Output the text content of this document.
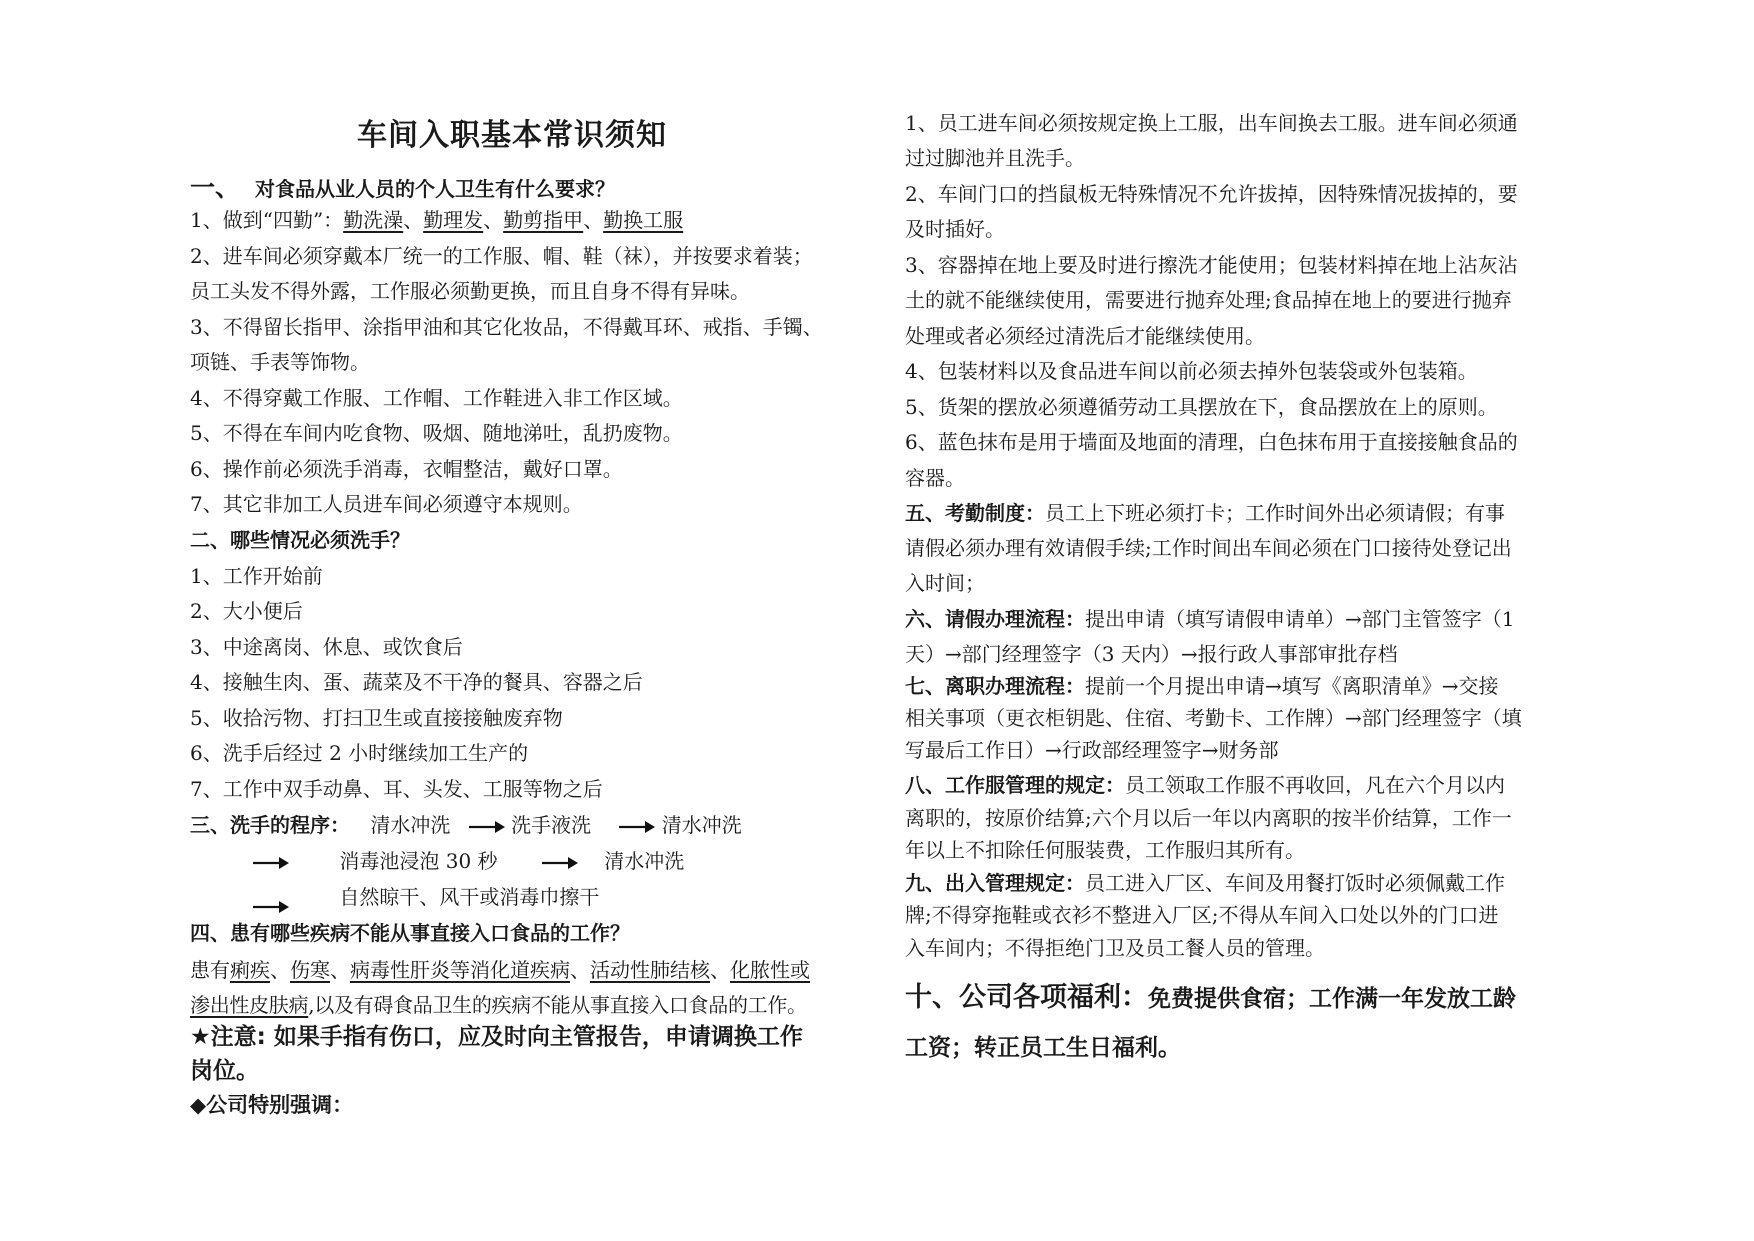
车间入职基本常识须知
一、 对食品从业人员的个人卫生有什么要求？
1、做到“四勤”：勤洗澡、勤理发、勤剪指甲、勤换工服
2、进车间必须穿戴本厂统一的工作服、帽、鞋（袜），并按要求着装；
员工头发不得外露，工作服必须勤更换，而且自身不得有异味。
3、不得留长指甲、涂指甲油和其它化妆品，不得戴耳环、戒指、手镯、
项链、手表等饰物。
4、不得穿戴工作服、工作帽、工作鞋进入非工作区域。
5、不得在车间内吃食物、吸烟、随地涕吐，乱扔废物。
6、操作前必须洗手消毒，衣帽整洁，戴好口罩。
7、其它非加工人员进车间必须遵守本规则。
二、哪些情况必须洗手？
1、工作开始前
2、大小便后
3、中途离岗、休息、或饮食后
4、接触生肉、蛋、蔬菜及不干净的餐具、容器之后
5、收拾污物、打扫卫生或直接接触废弃物
6、洗手后经过 2 小时继续加工生产的
7、工作中双手动鼻、耳、头发、工服等物之后
三、洗手的程序： 清水冲洗	洗手液洗	清水冲洗
消毒池浸泡 30 秒	清水冲洗
自然晾干、风干或消毒巾擦干
四、患有哪些疾病不能从事直接入口食品的工作？
患有痢疾、伤寒、病毒性肝炎等消化道疾病、活动性肺结核、化脓性或
渗出性皮肤病,以及有碍食品卫生的疾病不能从事直接入口食品的工作。
★注意: 如果手指有伤口，应及时向主管报告，申请调换工作
岗位。
◆公司特别强调：
1、员工进车间必须按规定换上工服，出车间换去工服。进车间必须通
过过脚池并且洗手。
2、车间门口的挡鼠板无特殊情况不允许拔掉，因特殊情况拔掉的，要
及时插好。
3、容器掉在地上要及时进行擦洗才能使用；包装材料掉在地上沾灰沾
土的就不能继续使用，需要进行抛弃处理;食品掉在地上的要进行抛弃
处理或者必须经过清洗后才能继续使用。
4、包装材料以及食品进车间以前必须去掉外包装袋或外包装箱。
5、货架的摆放必须遵循劳动工具摆放在下，食品摆放在上的原则。
6、蓝色抹布是用于墙面及地面的清理，白色抹布用于直接接触食品的
容器。
五、考勤制度：员工上下班必须打卡；工作时间外出必须请假；有事
请假必须办理有效请假手续;工作时间出车间必须在门口接待处登记出
入时间；
六、请假办理流程：提出申请（填写请假申请单）→部门主管签字（1
天）→部门经理签字（3 天内）→报行政人事部审批存档
七、离职办理流程：提前一个月提出申请→填写《离职清单》→交接
相关事项（更衣柜钥匙、住宿、考勤卡、工作牌）→部门经理签字（填
写最后工作日）→行政部经理签字→财务部
八、工作服管理的规定：员工领取工作服不再收回，凡在六个月以内
离职的，按原价结算;六个月以后一年以内离职的按半价结算，工作一
年以上不扣除任何服装费，工作服归其所有。
九、出入管理规定：员工进入厂区、车间及用餐打饭时必须佩戴工作
牌;不得穿拖鞋或衣衫不整进入厂区;不得从车间入口处以外的门口进
入车间内；不得拒绝门卫及员工餐人员的管理。
十、公司各项福利：免费提供食宿；工作满一年发放工龄
工资；转正员工生日福利。
